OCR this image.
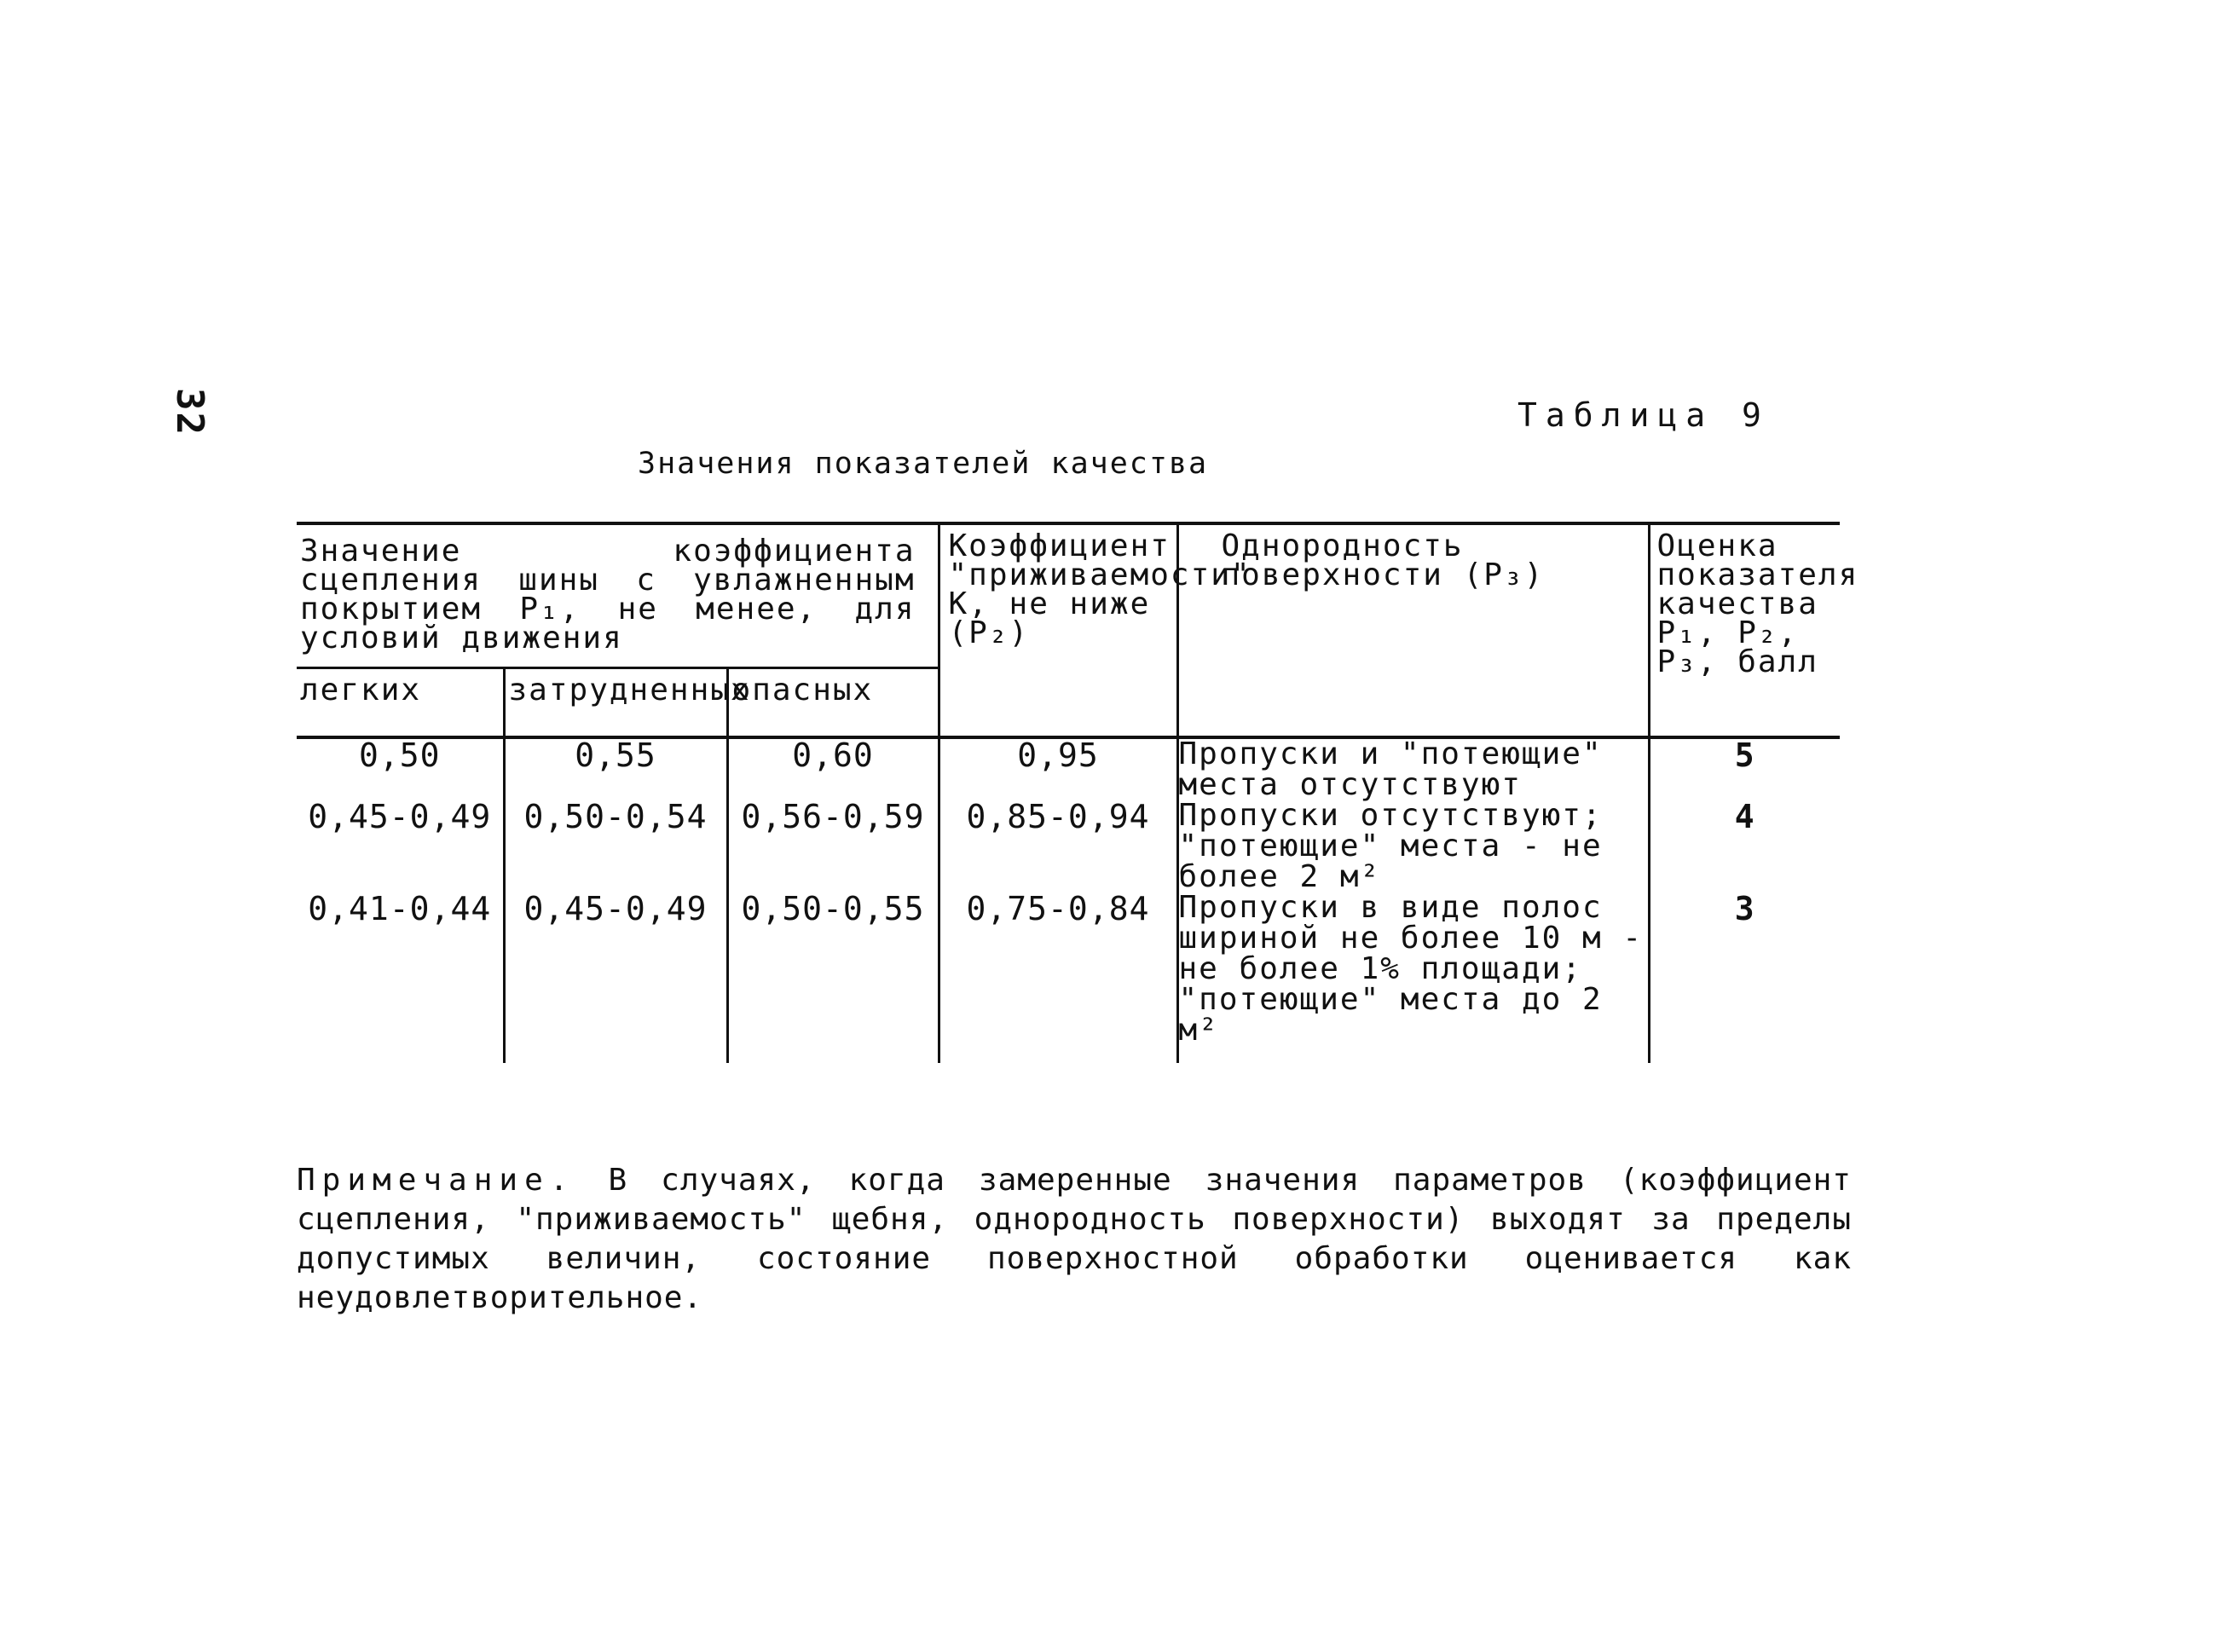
32	Таблица 9
Значения показателей качества
Значение коэффициента сцепления шины с увлажненным покрытием P₁, не менее, для условий движения			Коэффициент "приживаемости" K, не ниже (P₂)	Однородность поверхности (P₃)	Оценка показателя качества P₁, P₂, P₃, балл
легких	затрудненных	опасных			
0,50	0,55	0,60	0,95	Пропуски и "потеющие" места отсутствуют	5
0,45-0,49	0,50-0,54	0,56-0,59	0,85-0,94	Пропуски отсутствуют; "потеющие" места - не более 2 м²	4
0,41-0,44	0,45-0,49	0,50-0,55	0,75-0,84	Пропуски в виде полос шириной не более 10 м - не более 1% площади; "потеющие" места до 2 м²	3
Примечание. В случаях, когда замеренные значения параметров (коэффициент сцепления, "приживаемость" щебня, однородность поверхности) выходят за пределы допустимых величин, состояние поверхностной обработки оценивается как неудовлетворительное.
